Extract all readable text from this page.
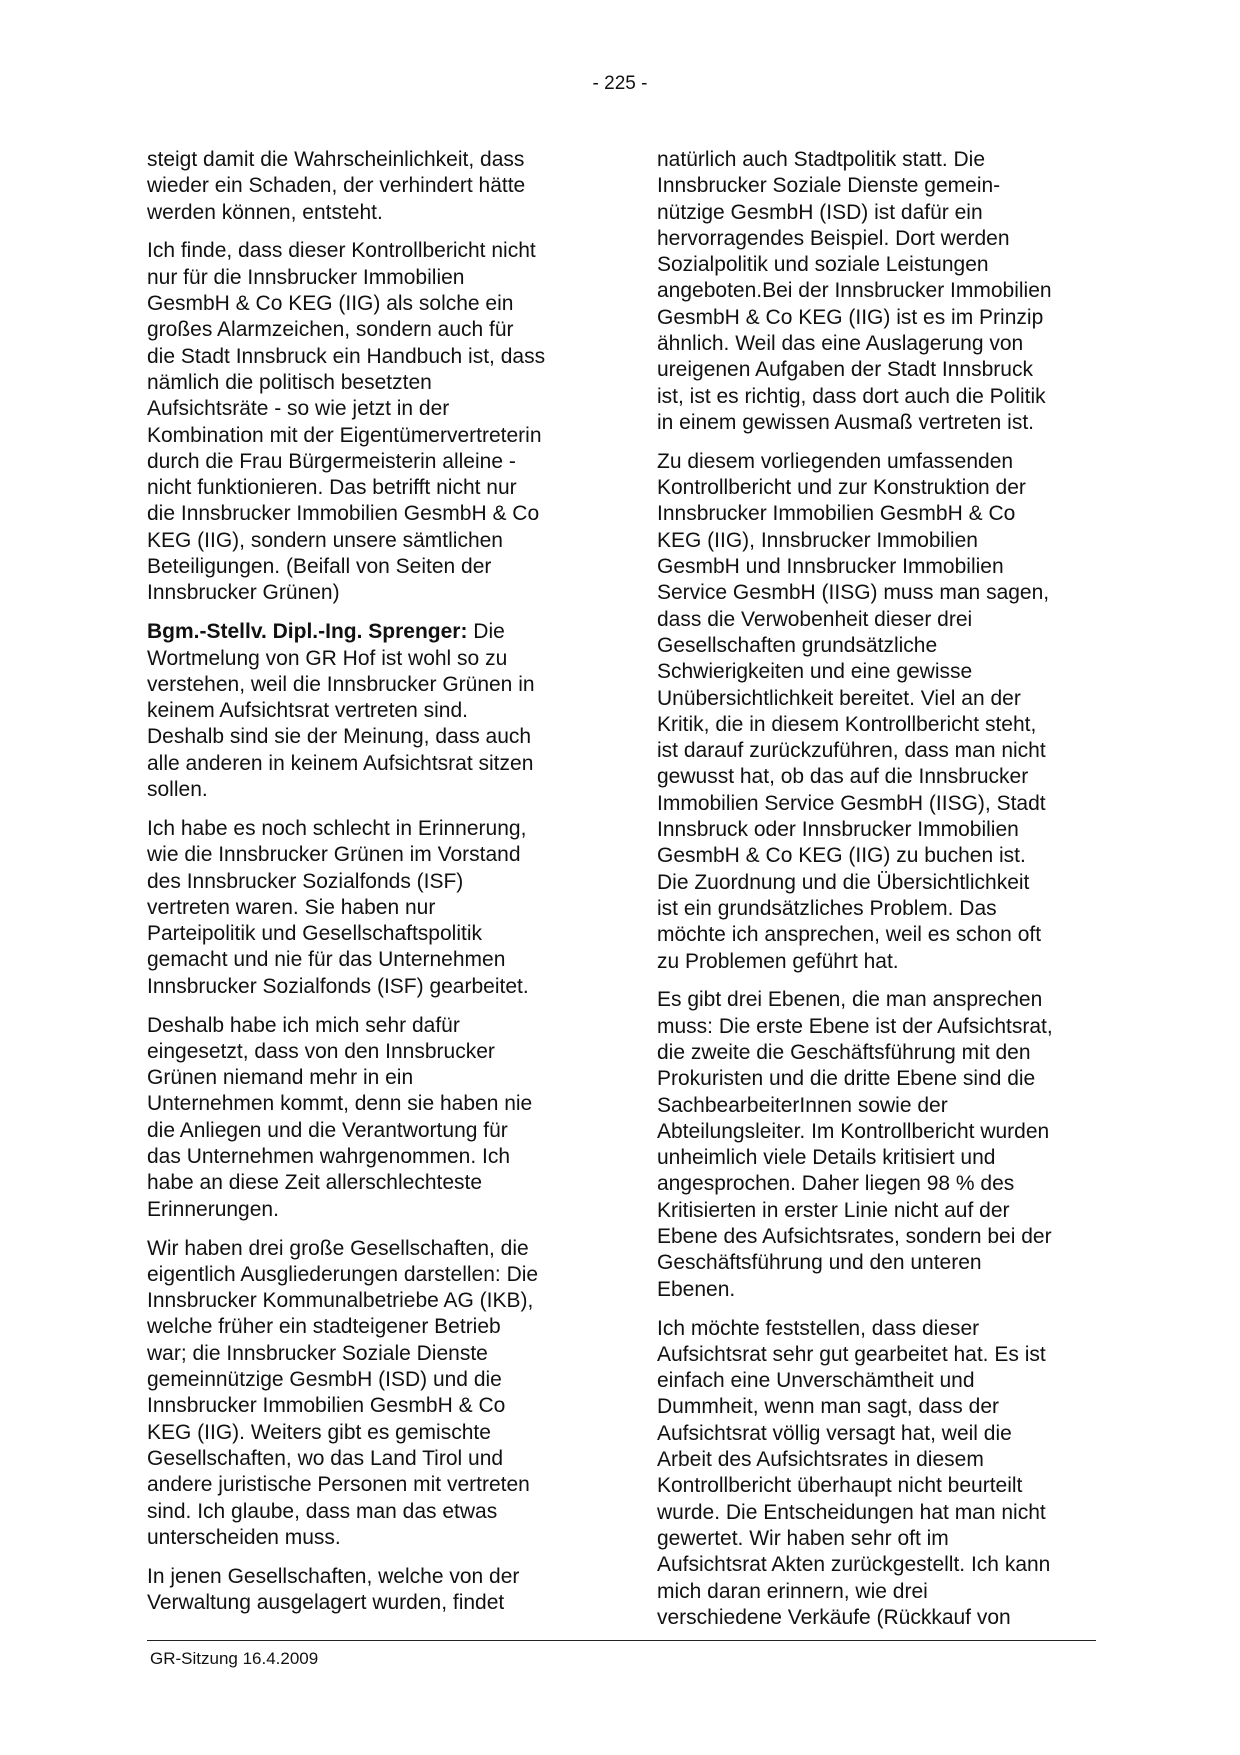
- 225 -

steigt damit die Wahrscheinlichkeit, dass
wieder ein Schaden, der verhindert hätte
werden können, entsteht.

Ich finde, dass dieser Kontrollbericht nicht
nur für die Innsbrucker Immobilien
GesmbH & Co KEG (IIG) als solche ein
großes Alarmzeichen, sondern auch für
die Stadt Innsbruck ein Handbuch ist, dass
nämlich die politisch besetzten
Aufsichtsräte - so wie jetzt in der
Kombination mit der Eigentümervertreterin
durch die Frau Bürgermeisterin alleine -
nicht funktionieren. Das betrifft nicht nur
die Innsbrucker Immobilien GesmbH & Co
KEG (IIG), sondern unsere sämtlichen
Beteiligungen. (Beifall von Seiten der
Innsbrucker Grünen)

Bgm.-Stellv. Dipl.-Ing. Sprenger: Die
Wortmelung von GR Hof ist wohl so zu
verstehen, weil die Innsbrucker Grünen in
keinem Aufsichtsrat vertreten sind.
Deshalb sind sie der Meinung, dass auch
alle anderen in keinem Aufsichtsrat sitzen
sollen.

Ich habe es noch schlecht in Erinnerung,
wie die Innsbrucker Grünen im Vorstand
des Innsbrucker Sozialfonds (ISF)
vertreten waren. Sie haben nur
Parteipolitik und Gesellschaftspolitik
gemacht und nie für das Unternehmen
Innsbrucker Sozialfonds (ISF) gearbeitet.

Deshalb habe ich mich sehr dafür
eingesetzt, dass von den Innsbrucker
Grünen niemand mehr in ein
Unternehmen kommt, denn sie haben nie
die Anliegen und die Verantwortung für
das Unternehmen wahrgenommen. Ich
habe an diese Zeit allerschlechteste
Erinnerungen.

Wir haben drei große Gesellschaften, die
eigentlich Ausgliederungen darstellen: Die
Innsbrucker Kommunalbetriebe AG (IKB),
welche früher ein stadteigener Betrieb
war; die Innsbrucker Soziale Dienste
gemeinnützige GesmbH (ISD) und die
Innsbrucker Immobilien GesmbH & Co
KEG (IIG). Weiters gibt es gemischte
Gesellschaften, wo das Land Tirol und
andere juristische Personen mit vertreten
sind. Ich glaube, dass man das etwas
unterscheiden muss.

In jenen Gesellschaften, welche von der
Verwaltung ausgelagert wurden, findet

natürlich auch Stadtpolitik statt. Die
Innsbrucker Soziale Dienste gemein-
nützige GesmbH (ISD) ist dafür ein
hervorragendes Beispiel. Dort werden
Sozialpolitik und soziale Leistungen
angeboten.Bei der Innsbrucker Immobilien
GesmbH & Co KEG (IIG) ist es im Prinzip
ähnlich. Weil das eine Auslagerung von
ureigenen Aufgaben der Stadt Innsbruck
ist, ist es richtig, dass dort auch die Politik
in einem gewissen Ausmaß vertreten ist.

Zu diesem vorliegenden umfassenden
Kontrollbericht und zur Konstruktion der
Innsbrucker Immobilien GesmbH & Co
KEG (IIG), Innsbrucker Immobilien
GesmbH und Innsbrucker Immobilien
Service GesmbH (IISG) muss man sagen,
dass die Verwobenheit dieser drei
Gesellschaften grundsätzliche
Schwierigkeiten und eine gewisse
Unübersichtlichkeit bereitet. Viel an der
Kritik, die in diesem Kontrollbericht steht,
ist darauf zurückzuführen, dass man nicht
gewusst hat, ob das auf die Innsbrucker
Immobilien Service GesmbH (IISG), Stadt
Innsbruck oder Innsbrucker Immobilien
GesmbH & Co KEG (IIG) zu buchen ist.
Die Zuordnung und die Übersichtlichkeit
ist ein grundsätzliches Problem. Das
möchte ich ansprechen, weil es schon oft
zu Problemen geführt hat.

Es gibt drei Ebenen, die man ansprechen
muss: Die erste Ebene ist der Aufsichtsrat,
die zweite die Geschäftsführung mit den
Prokuristen und die dritte Ebene sind die
SachbearbeiterInnen sowie der
Abteilungsleiter. Im Kontrollbericht wurden
unheimlich viele Details kritisiert und
angesprochen. Daher liegen 98 % des
Kritisierten in erster Linie nicht auf der
Ebene des Aufsichtsrates, sondern bei der
Geschäftsführung und den unteren
Ebenen.

Ich möchte feststellen, dass dieser
Aufsichtsrat sehr gut gearbeitet hat. Es ist
einfach eine Unverschämtheit und
Dummheit, wenn man sagt, dass der
Aufsichtsrat völlig versagt hat, weil die
Arbeit des Aufsichtsrates in diesem
Kontrollbericht überhaupt nicht beurteilt
wurde. Die Entscheidungen hat man nicht
gewertet. Wir haben sehr oft im
Aufsichtsrat Akten zurückgestellt. Ich kann
mich daran erinnern, wie drei
verschiedene Verkäufe (Rückkauf von

GR-Sitzung 16.4.2009
